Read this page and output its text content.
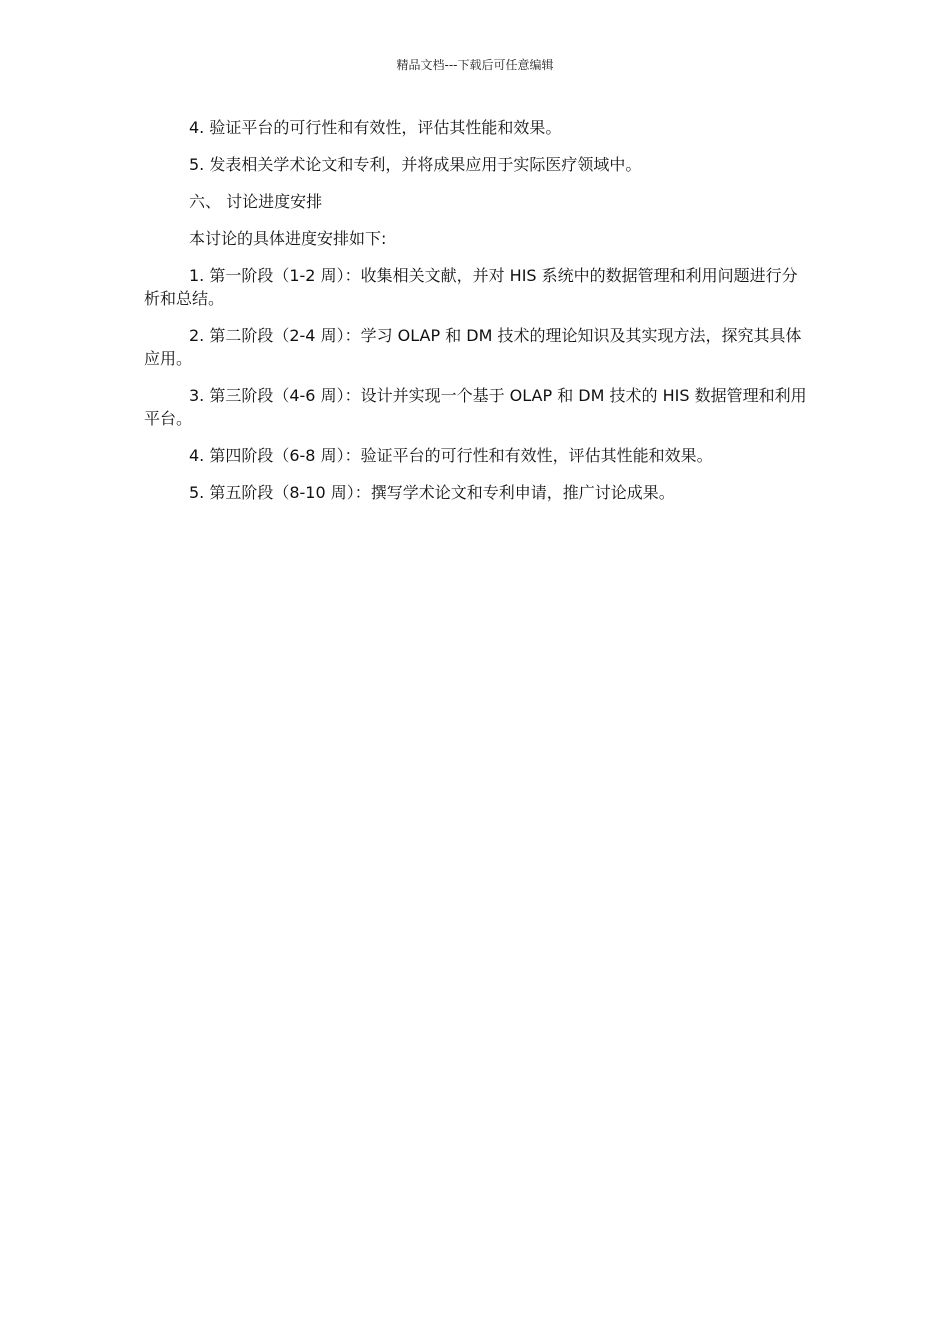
精品文档---下载后可任意编辑

4. 验证平台的可行性和有效性，评估其性能和效果。

5. 发表相关学术论文和专利，并将成果应用于实际医疗领域中。

六、 讨论进度安排

本讨论的具体进度安排如下:

1. 第一阶段（1-2 周）：收集相关文献，并对 HIS 系统中的数据管理和利用问题进行分析和总结。

2. 第二阶段（2-4 周）：学习 OLAP 和 DM 技术的理论知识及其实现方法，探究其具体应用。

3. 第三阶段（4-6 周）：设计并实现一个基于 OLAP 和 DM 技术的 HIS 数据管理和利用平台。

4. 第四阶段（6-8 周）：验证平台的可行性和有效性，评估其性能和效果。

5. 第五阶段（8-10 周）：撰写学术论文和专利申请，推广讨论成果。
